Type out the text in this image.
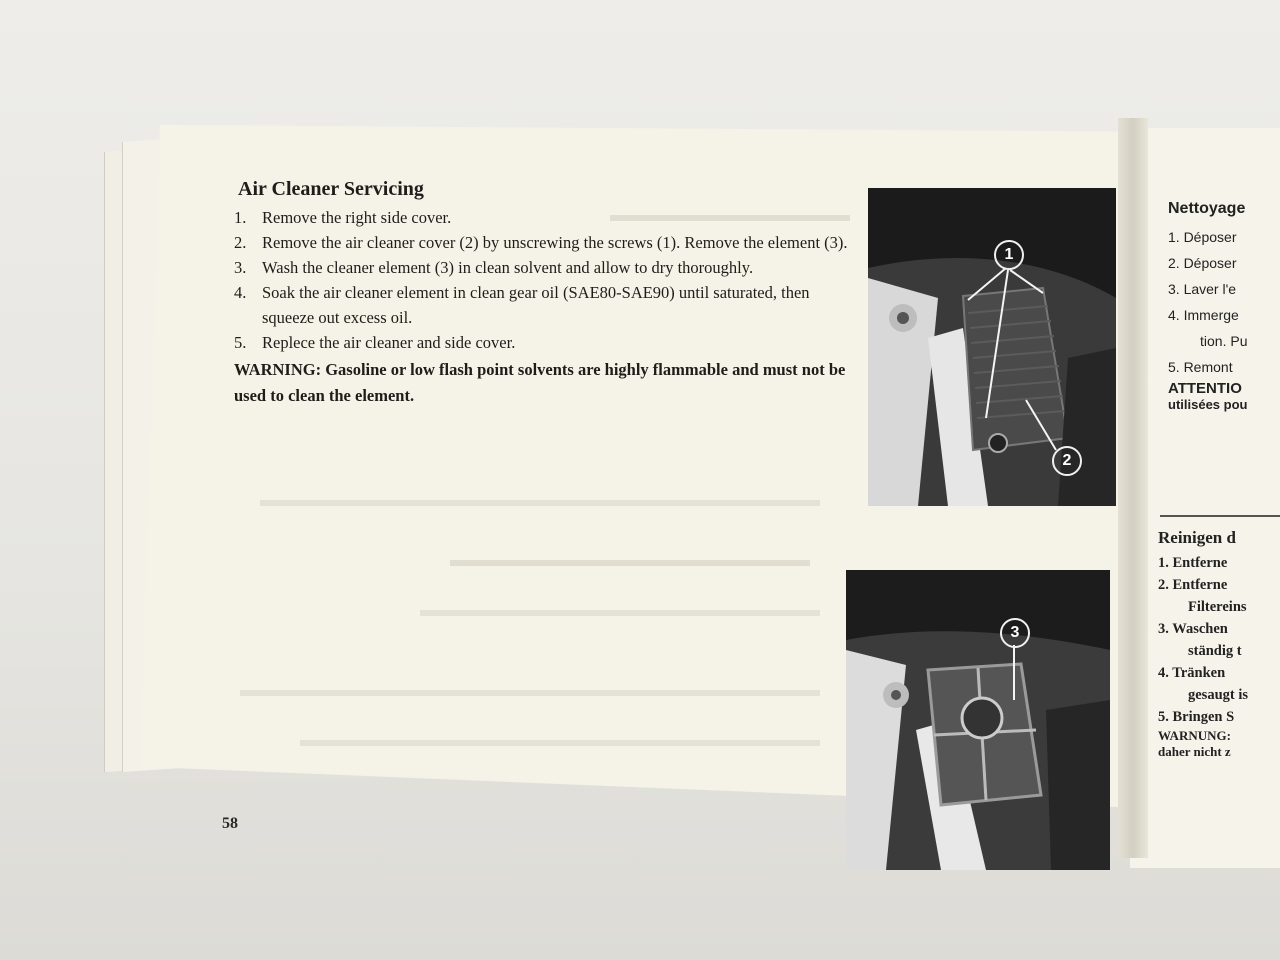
Air Cleaner Servicing
1. Remove the right side cover.
2. Remove the air cleaner cover (2) by unscrewing the screws (1). Remove the element (3).
3. Wash the cleaner element (3) in clean solvent and allow to dry thoroughly.
4. Soak the air cleaner element in clean gear oil (SAE80-SAE90) until saturated, then squeeze out excess oil.
5. Replece the air cleaner and side cover.
WARNING: Gasoline or low flash point solvents are highly flammable and must not be used to clean the element.
58
1
2
3
Nettoyage
1. Déposer
2. Déposer
3. Laver l'e
4. Immerge
tion. Pu
5. Remont
ATTENTIO
utilisées pou
Reinigen d
1. Entferne
2. Entferne
Filtereins
3. Waschen
ständig t
4. Tränken
gesaugt is
5. Bringen S
WARNUNG:
daher nicht z
